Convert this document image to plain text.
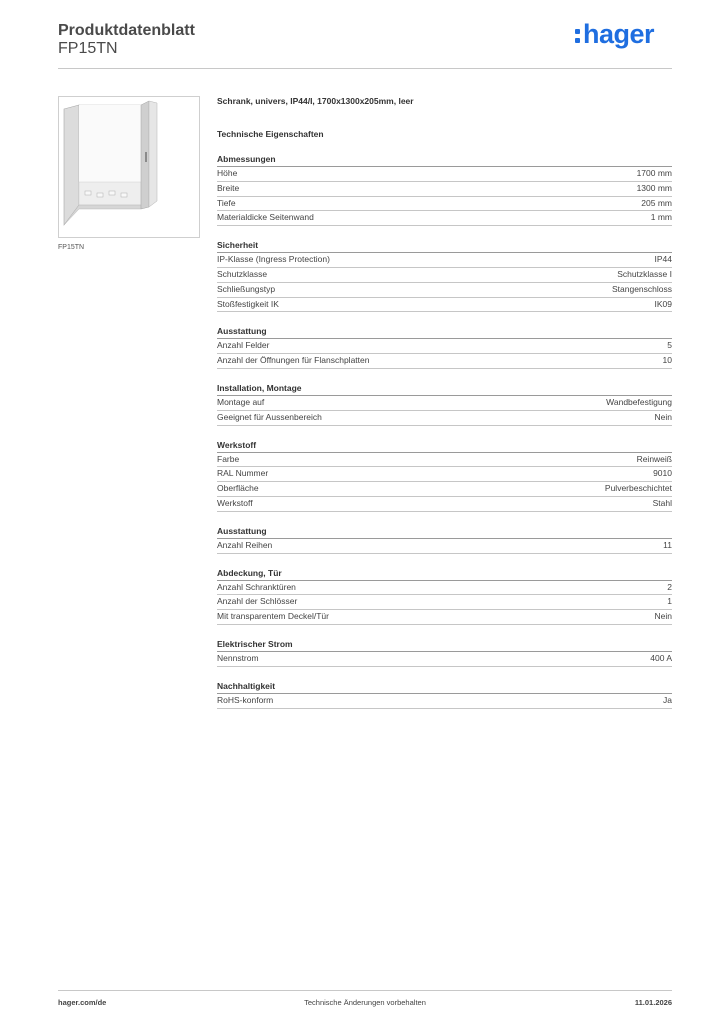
Produktdatenblatt
FP15TN	hager
FP15TN
Schrank, univers, IP44/I, 1700x1300x205mm, leer
Technische Eigenschaften
Abmessungen
Höhe	1700 mm
Breite	1300 mm
Tiefe	205 mm
Materialdicke Seitenwand	1 mm
Sicherheit
IP-Klasse (Ingress Protection)	IP44
Schutzklasse	Schutzklasse I
Schließungstyp	Stangenschloss
Stoßfestigkeit IK	IK09
Ausstattung
Anzahl Felder	5
Anzahl der Öffnungen für Flanschplatten	10
Installation, Montage
Montage auf	Wandbefestigung
Geeignet für Aussenbereich	Nein
Werkstoff
Farbe	Reinweiß
RAL Nummer	9010
Oberfläche	Pulverbeschichtet
Werkstoff	Stahl
Ausstattung
Anzahl Reihen	11
Abdeckung, Tür
Anzahl Schranktüren	2
Anzahl der Schlösser	1
Mit transparentem Deckel/Tür	Nein
Elektrischer Strom
Nennstrom	400 A
Nachhaltigkeit
RoHS-konform	Ja
hager.com/de	Technische Änderungen vorbehalten	11.01.2026
